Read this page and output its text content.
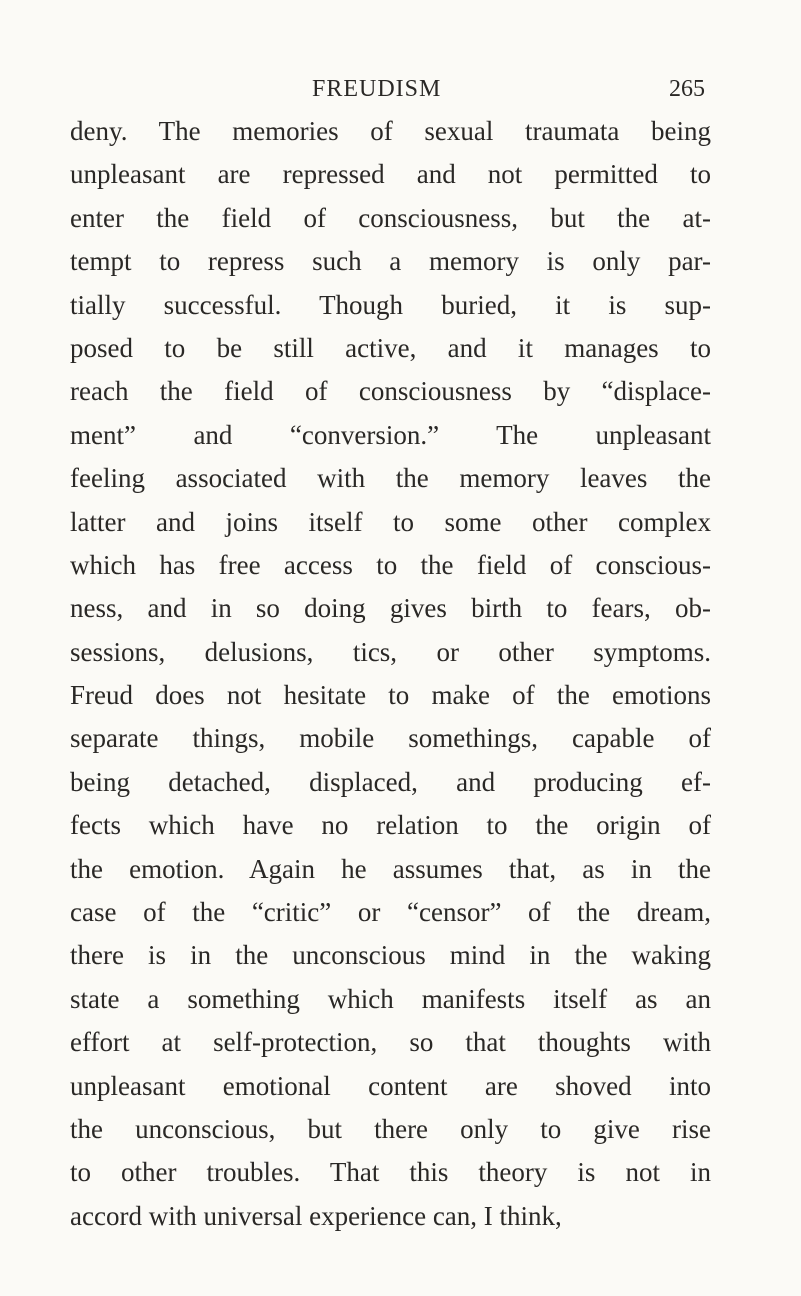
FREUDISM	265
deny. The memories of sexual traumata being
unpleasant are repressed and not permitted to
enter the field of consciousness, but the at-
tempt to repress such a memory is only par-
tially successful. Though buried, it is sup-
posed to be still active, and it manages to
reach the field of consciousness by “displace-
ment” and “conversion.” The unpleasant
feeling associated with the memory leaves the
latter and joins itself to some other complex
which has free access to the field of conscious-
ness, and in so doing gives birth to fears, ob-
sessions, delusions, tics, or other symptoms.
Freud does not hesitate to make of the emotions
separate things, mobile somethings, capable of
being detached, displaced, and producing ef-
fects which have no relation to the origin of
the emotion. Again he assumes that, as in the
case of the “critic” or “censor” of the dream,
there is in the unconscious mind in the waking
state a something which manifests itself as an
effort at self-protection, so that thoughts with
unpleasant emotional content are shoved into
the unconscious, but there only to give rise
to other troubles. That this theory is not in
accord with universal experience can, I think,
